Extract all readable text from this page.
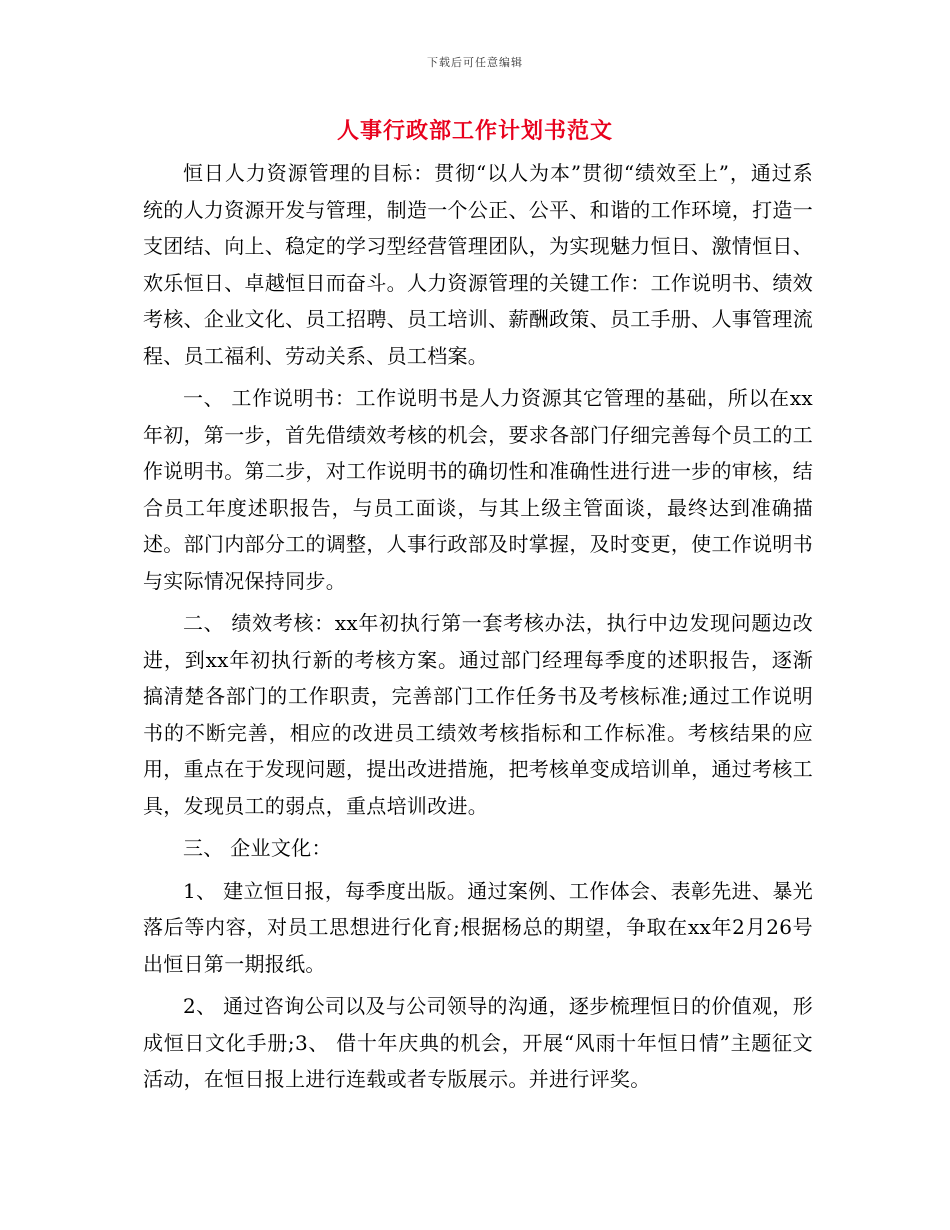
下载后可任意编辑
人事行政部工作计划书范文

恒日人力资源管理的目标：贯彻“以人为本”贯彻“绩效至上”，通过系统的人力资源开发与管理，制造一个公正、公平、和谐的工作环境，打造一支团结、向上、稳定的学习型经营管理团队，为实现魅力恒日、激情恒日、欢乐恒日、卓越恒日而奋斗。人力资源管理的关键工作：工作说明书、绩效考核、企业文化、员工招聘、员工培训、薪酬政策、员工手册、人事管理流程、员工福利、劳动关系、员工档案。

一、 工作说明书：工作说明书是人力资源其它管理的基础，所以在xx年初，第一步，首先借绩效考核的机会，要求各部门仔细完善每个员工的工作说明书。第二步，对工作说明书的确切性和准确性进行进一步的审核，结合员工年度述职报告，与员工面谈，与其上级主管面谈，最终达到准确描述。部门内部分工的调整，人事行政部及时掌握，及时变更，使工作说明书与实际情况保持同步。

二、 绩效考核：xx年初执行第一套考核办法，执行中边发现问题边改进，到xx年初执行新的考核方案。通过部门经理每季度的述职报告，逐渐搞清楚各部门的工作职责，完善部门工作任务书及考核标准;通过工作说明书的不断完善，相应的改进员工绩效考核指标和工作标准。考核结果的应用，重点在于发现问题，提出改进措施，把考核单变成培训单，通过考核工具，发现员工的弱点，重点培训改进。

三、 企业文化：

1、 建立恒日报，每季度出版。通过案例、工作体会、表彰先进、暴光落后等内容，对员工思想进行化育;根据杨总的期望，争取在xx年2月26号出恒日第一期报纸。

2、 通过咨询公司以及与公司领导的沟通，逐步梳理恒日的价值观，形成恒日文化手册;3、 借十年庆典的机会，开展“风雨十年恒日情”主题征文活动，在恒日报上进行连载或者专版展示。并进行评奖。
